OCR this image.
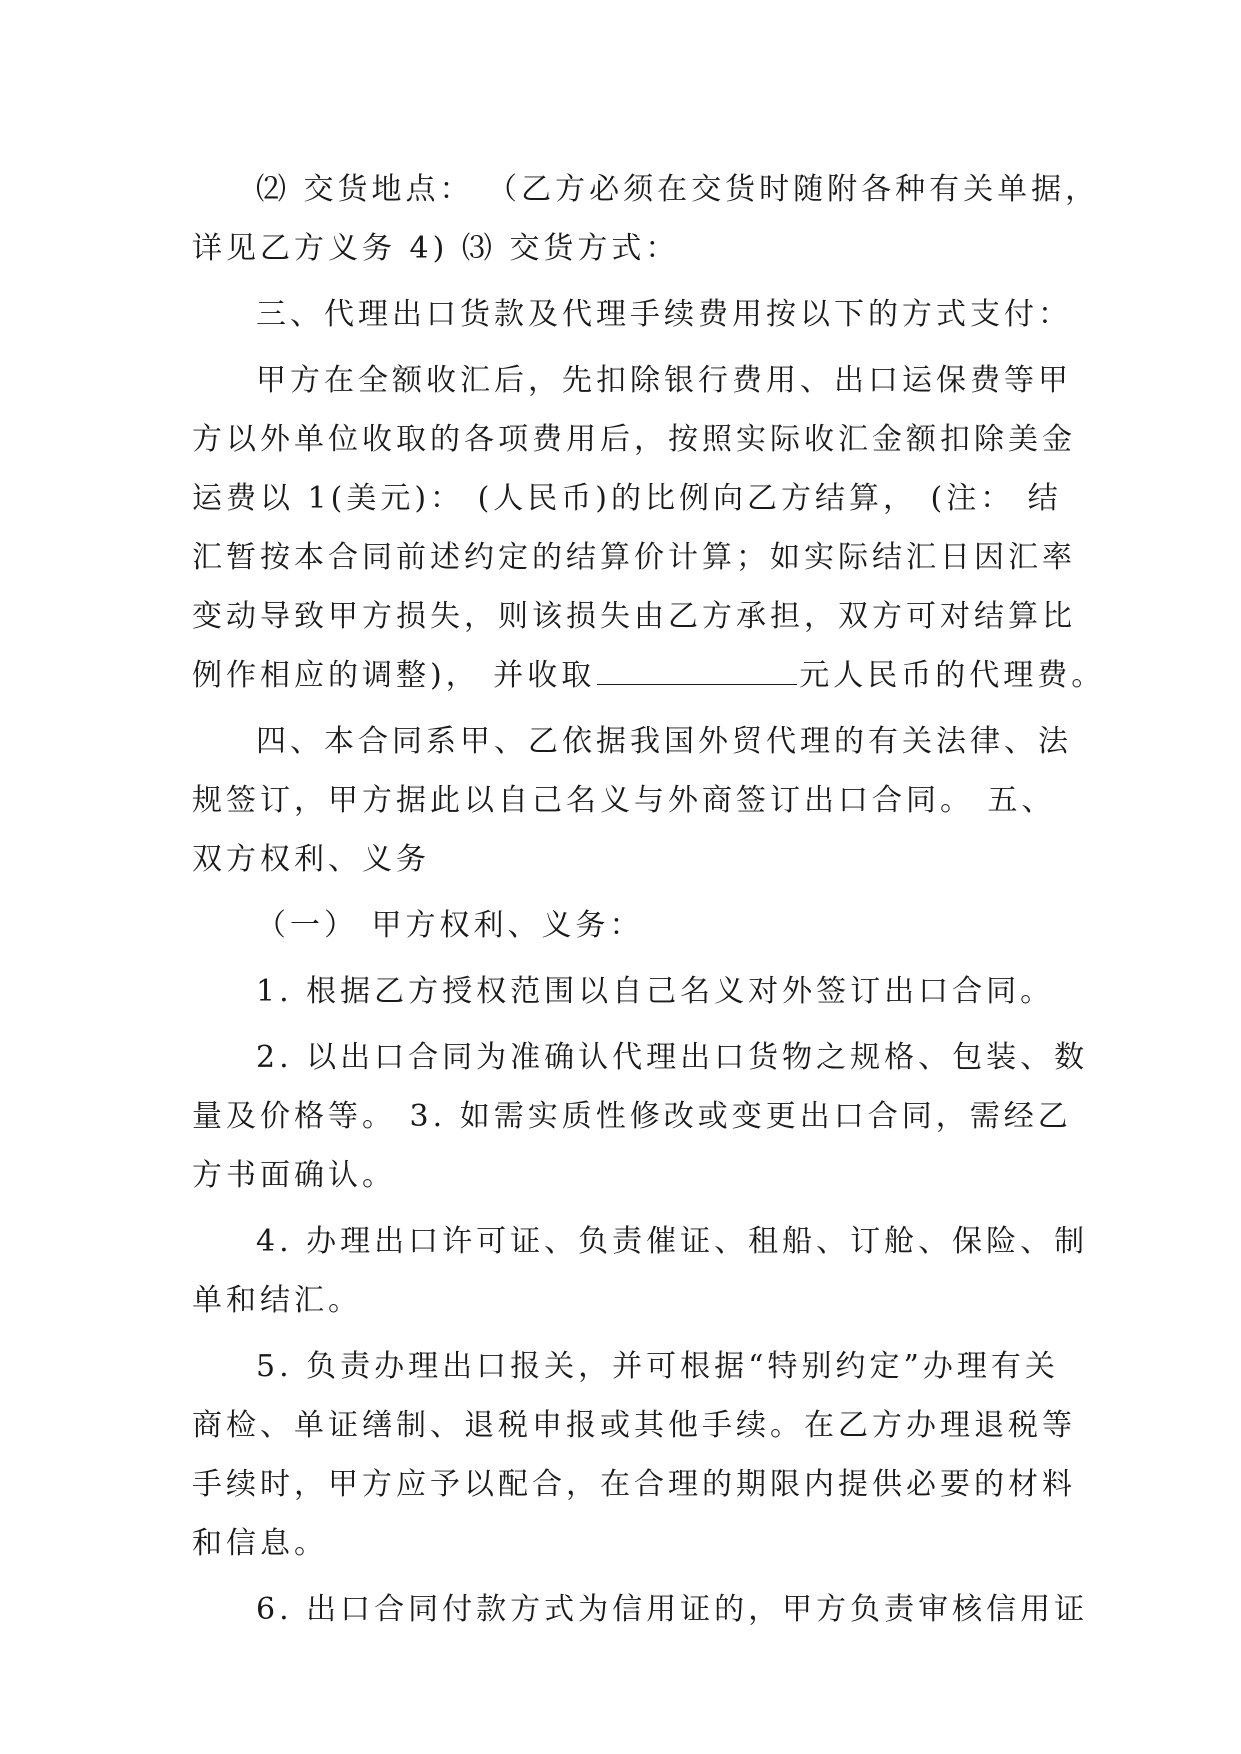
⑵ 交货地点： （乙方必须在交货时随附各种有关单据，
详见乙方义务 4) ⑶ 交货方式：
三、代理出口货款及代理手续费用按以下的方式支付：
甲方在全额收汇后，先扣除银行费用、出口运保费等甲
方以外单位收取的各项费用后，按照实际收汇金额扣除美金
运费以 1(美元)： (人民币)的比例向乙方结算， (注： 结
汇暂按本合同前述约定的结算价计算；如实际结汇日因汇率
变动导致甲方损失，则该损失由乙方承担，双方可对结算比
例作相应的调整)， 并收取	元人民币的代理费。
四、本合同系甲、乙依据我国外贸代理的有关法律、法
规签订，甲方据此以自己名义与外商签订出口合同。 五、
双方权利、义务
（一） 甲方权利、义务：
1. 根据乙方授权范围以自己名义对外签订出口合同。
2. 以出口合同为准确认代理出口货物之规格、包装、数
量及价格等。 3. 如需实质性修改或变更出口合同，需经乙
方书面确认。
4. 办理出口许可证、负责催证、租船、订舱、保险、制
单和结汇。
5. 负责办理出口报关，并可根据“特别约定”办理有关
商检、单证缮制、退税申报或其他手续。在乙方办理退税等
手续时，甲方应予以配合，在合理的期限内提供必要的材料
和信息。
6. 出口合同付款方式为信用证的，甲方负责审核信用证
